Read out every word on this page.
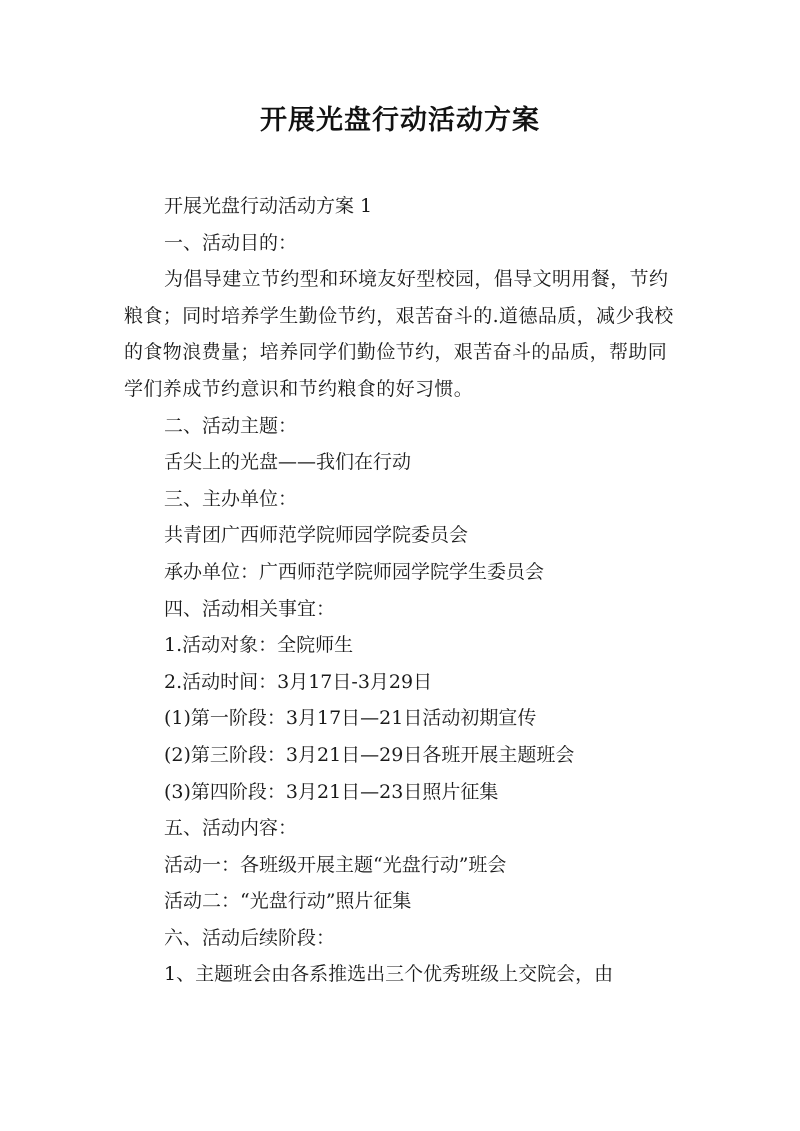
开展光盘行动活动方案

开展光盘行动活动方案 1

一、活动目的：

为倡导建立节约型和环境友好型校园，倡导文明用餐，节约粮食；同时培养学生勤俭节约，艰苦奋斗的.道德品质，减少我校的食物浪费量；培养同学们勤俭节约，艰苦奋斗的品质，帮助同学们养成节约意识和节约粮食的好习惯。

二、活动主题：

舌尖上的光盘——我们在行动

三、主办单位：

共青团广西师范学院师园学院委员会

承办单位：广西师范学院师园学院学生委员会

四、活动相关事宜：

1.活动对象：全院师生

2.活动时间：3月17日-3月29日

(1)第一阶段：3月17日—21日活动初期宣传

(2)第三阶段：3月21日—29日各班开展主题班会

(3)第四阶段：3月21日—23日照片征集

五、活动内容：

活动一：各班级开展主题“光盘行动”班会

活动二：“光盘行动”照片征集

六、活动后续阶段：

1、主题班会由各系推选出三个优秀班级上交院会，由
